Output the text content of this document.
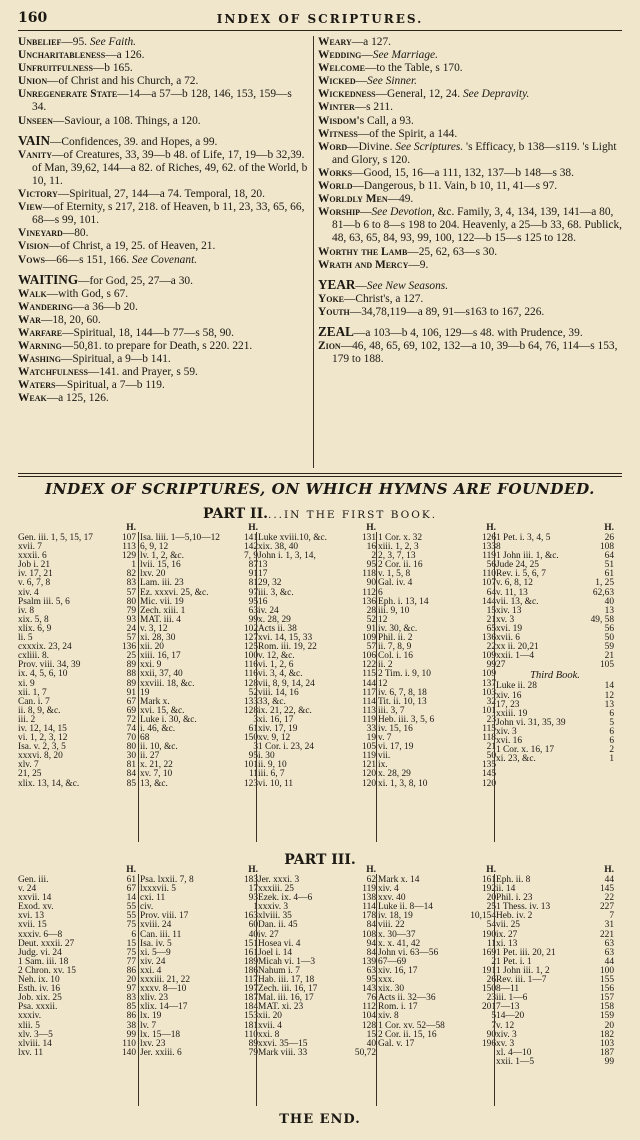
160	INDEX OF SCRIPTURES.

Unbelief—95. See Faith.

Uncharitableness—a 126.

Unfruitfulness—b 165.

Union—of Christ and his Church, a 72.

Unregenerate State—14—a 57—b 128, 146, 153, 159—s 34.

Unseen—Saviour, a 108. Things, a 120.

VAIN—Confidences, 39. and Hopes, a 99.

Vanity—of Creatures, 33, 39—b 48. of Life, 17, 19—b 32,39. of Man, 39,62, 144—a 82. of Riches, 49, 62. of the World, b 10, 11.

Victory—Spiritual, 27, 144—a 74. Temporal, 18, 20.

View—of Eternity, s 217, 218. of Heaven, b 11, 23, 33, 65, 66, 68—s 99, 101.

Vineyard—80.

Vision—of Christ, a 19, 25. of Heaven, 21.

Vows—66—s 151, 166. See Covenant.

WAITING—for God, 25, 27—a 30.

Walk—with God, s 67.

Wandering—a 36—b 20.

War—18, 20, 60.

Warfare—Spiritual, 18, 144—b 77—s 58, 90.

Warning—50,81. to prepare for Death, s 220. 221.

Washing—Spiritual, a 9—b 141.

Watchfulness—141. and Prayer, s 59.

Waters—Spiritual, a 7—b 119.

Weak—a 125, 126.

Weary—a 127.

Wedding—See Marriage.

Welcome—to the Table, s 170.

Wicked—See Sinner.

Wickedness—General, 12, 24. See Depravity.

Winter—s 211.

Wisdom's Call, a 93.

Witness—of the Spirit, a 144.

Word—Divine. See Scriptures. 's Efficacy, b 138—s119. 's Light and Glory, s 120.

Works—Good, 15, 16—a 111, 132, 137—b 148—s 38.

World—Dangerous, b 11. Vain, b 10, 11, 41—s 97.

Worldly Men—49.

Worship—See Devotion, &c. Family, 3, 4, 134, 139, 141—a 80, 81—b 6 to 8—s 198 to 204. Heavenly, a 25—b 33, 68. Publick, 48, 63, 65, 84, 93, 99, 100, 122—b 15—s 125 to 128.

Worthy the Lamb—25, 62, 63—s 30.

Wrath and Mercy—9.

YEAR—See New Seasons.

Yoke—Christ's, a 127.

Youth—34,78,119—a 89, 91—s163 to 167, 226.

ZEAL—a 103—b 4, 106, 129—s 48. with Prudence, 39.

Zion—46, 48, 65, 69, 102, 132—a 10, 39—b 64, 76, 114—s 153, 179 to 188.

INDEX OF SCRIPTURES, ON WHICH HYMNS ARE FOUNDED.
PART II....IN THE FIRST BOOK.
H.
Gen. iii. 1, 5, 15, 17	107
xvii. 7	113
xxxii. 6	129
Job i. 21	1
iv. 17, 21	82
v. 6, 7, 8	83
xiv. 4	57
Psalm iii. 5, 6	80
iv. 8	79
xix. 5, 8	93
xlix. 6, 9	24
li. 5	57
cxxxix. 23, 24	136
cxliii. 8.	25
Prov. viii. 34, 39	89
ix. 4, 5, 6, 10	88
xi. 9	89
xii. 1, 7	91
Can. i. 7	67
ii. 8, 9, &c.	69
iii. 2	72
iv. 12, 14, 15	74
vi. 1, 2, 3, 12	70
Isa. v. 2, 3, 5	80
xxxvi. 8, 20	30
xlv. 7	81
21, 25	84
xlix. 13, 14, &c.	85
H.
Isa. liii. 1—5,10—12	141
6, 9, 12	142
lv. 1, 2, &c.	7, 9
lvii. 15, 16	87
lxv. 20	91
Lam. iii. 23	81
Ez. xxxvi. 25, &c.	97
Mic. vii. 19	95
Zech. xiii. 1	63
MAT. iii. 4	99
v. 3, 12	102
xi. 28, 30	127
xii. 20	125
xiii. 16, 17	100
xxi. 9	116
xxii, 37, 40	116
xxviii. 18, &c.	128
19	52
Mark x.	133
xvi. 15, &c.	128
Luke i. 30, &c.	3
i. 46, &c.	61
68	150
ii. 10, &c.	3
ii. 27	95
x. 21, 22	101
xv. 7, 10	11
13, &c.	123
H.
Luke xviii.10, &c.	131
xix. 38, 40	16
John i. 1, 3, 14,	2
13	95
17	118
29, 32	90
iii. 3, &c.	112
16	136
iv. 24	28
x. 28, 29	52
Acts ii. 38	91
xvi. 14, 15, 33	109
Rom. iii. 19, 22	57
v. 12, &c.	106
vi. 1, 2, 6	122
vi. 3, 4, &c.	115
vii, 8, 9, 14, 24	144
viii. 14, 16	117
33, &c.	114
ix. 21, 22, &c.	113
xi. 16, 17	119
xiv. 17, 19	33
xv. 9, 12	19
1 Cor. i. 23, 24	105
i. 30	119
ii. 9, 10	121
iii. 6, 7	120
vi. 10, 11	120
H.
1 Cor. x. 32	126
xiii. 1, 2, 3	133
2, 3, 7, 13	119
2 Cor. ii. 16	56
v. 1, 5, 8	110
Gal. iv. 4	107
6	64
Eph. i. 13, 14	144
iii. 9, 10	15
12	21
iv. 30, &c.	65
Phil. ii. 2	136
ii. 7, 8, 9	22
Col. i. 16	109
ii. 2	99
2 Tim. i. 9, 10	109
12	137
iv. 6, 7, 8, 18	103
Tit. ii. 10, 13	32
iii. 3, 7	101
Heb. iii. 3, 5, 6	23
iv. 15, 16	115
v. 7	118
vi. 17, 19	21
vii.	50
ix.	135
x. 28, 29	145
xi. 1, 3, 8, 10	120
H.
1 Pet. i. 3, 4, 5	26
8	108
1 John iii. 1, &c.	64
Jude 24, 25	51
Rev. i. 5, 6, 7	61
v. 6, 8, 12	1, 25
v. 11, 13	62,63
vii. 13, &c.	40
xiv. 13	13
xv. 3	49, 58
xvi. 19	56
xvii. 6	50
xx ii. 20,21	59
xxii. 1—4	21
27	105
Third Book.
Luke ii. 28	14
xiv. 16	12
17, 23	13
xxiii. 19	6
John vi. 31, 35, 39	5
xiv. 3	6
xvi. 16	6
1 Cor. x. 16, 17	2
xi. 23, &c.	1
PART III.
H.
Gen. iii.	61
v. 24	67
xxvii. 14	14
Exod. xv.	55
xvi. 13	55
xvii. 15	75
xxxiv. 6—8	6
Deut. xxxii. 27	15
Judg. vi. 24	75
1 Sam. iii. 18	77
2 Chron. xv. 15	86
Neh. ix. 10	20
Esth. iv. 16	97
Job. xix. 25	83
Psa. xxxii.	85
xxxiv.	86
xlii. 5	38
xlv. 3—5	99
xlviii. 14	110
lxv. 11	140
H.
Psa. lxxii. 7, 8	183
lxxxvii. 5	17
cxi. 11	93
civ.	1
Prov. viii. 17	163
xviii. 24	60
Can. iii. 11	40
Isa. iv. 5	151
xi. 5—9	161
xiv. 24	189
xxi. 4	186
xxxiii. 21, 22	117
xxxv. 8—10	197
xliv. 23	187
xlix. 14—17	184
lx. 19	153
lv. 7	181
lx. 15—18	110
lxv. 23	89
Jer. xxiii. 6	79
H.
Jer. xxxi. 3	62
xxxiii. 25	119
Ezek. ix. 4—6	138
xxxiv. 3	114
xlviii. 35	178
Dan. ii. 45	84
iv. 27	108
Hosea vi. 4	94
Joel i. 14	84
Micah vi. 1—3	139
Nahum i. 7	63
Hab. iii. 17, 18	95
Zech. iii. 16, 17	143
Mal. iii. 16, 17	76
MAT. xi. 23	112
xii. 20	104
xvii. 4	128
xxi. 8	15
xxvi. 35—15	40
Mark viii. 33	50,72
H.
Mark x. 14	161
xiv. 4	192
xxv. 40	20
Luke ii. 8—14	25
iv. 18, 19	10,154
viii. 22	54
x. 30—37	190
x. x. 41, 42	11
John vi. 63—56	169
67—69	2
xiv. 16, 17	191
xxx.	26
xix. 30	150
Acts ii. 32—36	23
Rom. i. 17	201
xiv. 8	5
1 Cor. xv. 52—58	7
2 Cor. ii. 15, 16	90
Gal. v. 17	196
H.
Eph. ii. 8	44
ii. 14	145
Phil. i. 23	22
1 Thess. iv. 13	227
Heb. iv. 2	7
vii. 25	31
ix. 27	221
xi. 13	63
1 Pet. iii. 20, 21	63
1 Pet. i. 1	44
1 John iii. 1, 2	100
Rev. iii. 1—7	155
8—11	156
iii. 1—6	157
7—13	158
14—20	159
v. 12	20
xiv. 3	182
xv. 3	103
xl. 4—10	187
xxii. 1—5	99
THE END.
